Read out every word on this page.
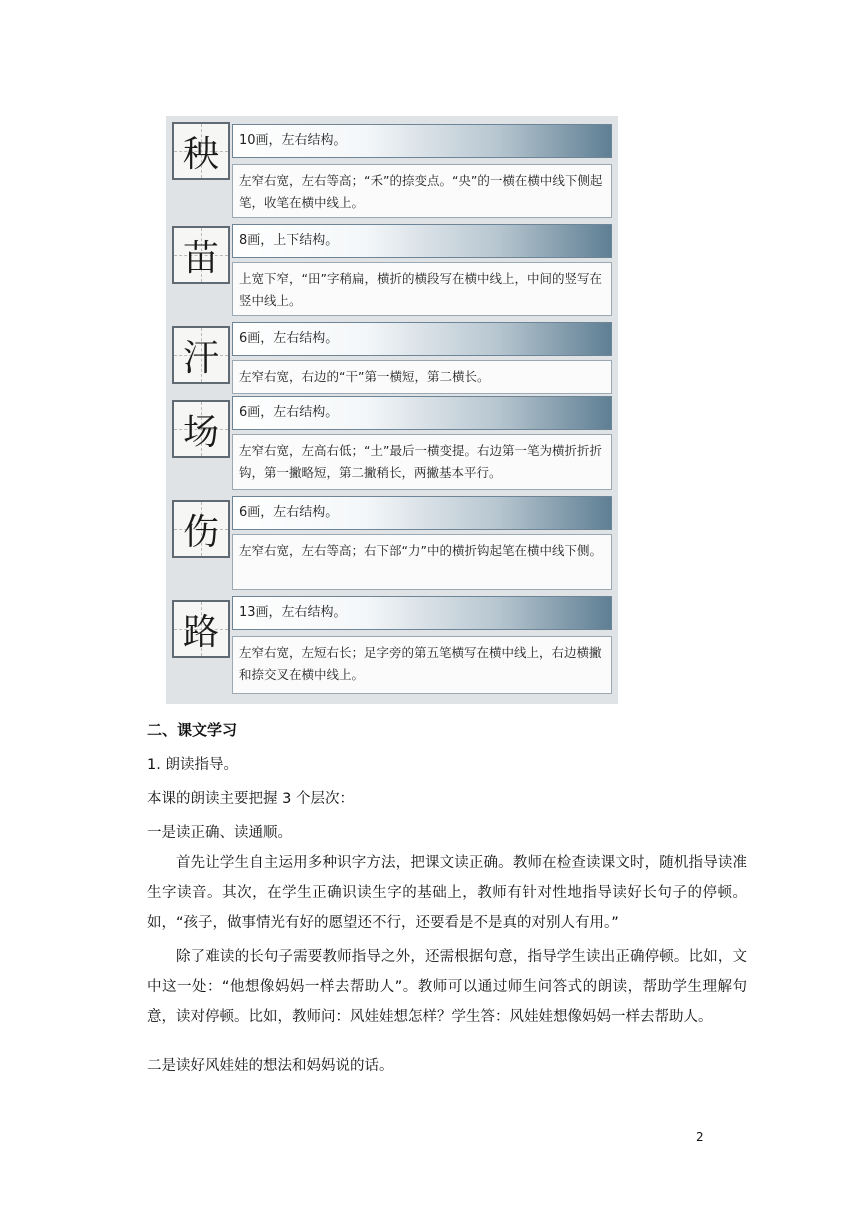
秧	10画，左右结构。
左窄右宽，左右等高；“禾”的捺变点。“央”的一横在横中线下侧起笔，收笔在横中线上。
苗	8画，上下结构。
上宽下窄，“田”字稍扁，横折的横段写在横中线上，中间的竖写在竖中线上。
汗	6画，左右结构。
左窄右宽，右边的“干”第一横短，第二横长。
场	6画，左右结构。
左窄右宽，左高右低；“土”最后一横变提。右边第一笔为横折折折钩，第一撇略短，第二撇稍长，两撇基本平行。
伤	6画，左右结构。
左窄右宽，左右等高；右下部“力”中的横折钩起笔在横中线下侧。
路	13画，左右结构。
左窄右宽，左短右长；足字旁的第五笔横写在横中线上，右边横撇和捺交叉在横中线上。
二、课文学习
1. 朗读指导。
本课的朗读主要把握 3 个层次：
一是读正确、读通顺。
首先让学生自主运用多种识字方法，把课文读正确。教师在检查读课文时，随机指导读准生字读音。其次，在学生正确识读生字的基础上，教师有针对性地指导读好长句子的停顿。如，“孩子，做事情光有好的愿望还不行，还要看是不是真的对别人有用。”
除了难读的长句子需要教师指导之外，还需根据句意，指导学生读出正确停顿。比如，文中这一处：“他想像妈妈一样去帮助人”。教师可以通过师生问答式的朗读，帮助学生理解句意，读对停顿。比如，教师问：风娃娃想怎样？学生答：风娃娃想像妈妈一样去帮助人。
二是读好风娃娃的想法和妈妈说的话。
2
